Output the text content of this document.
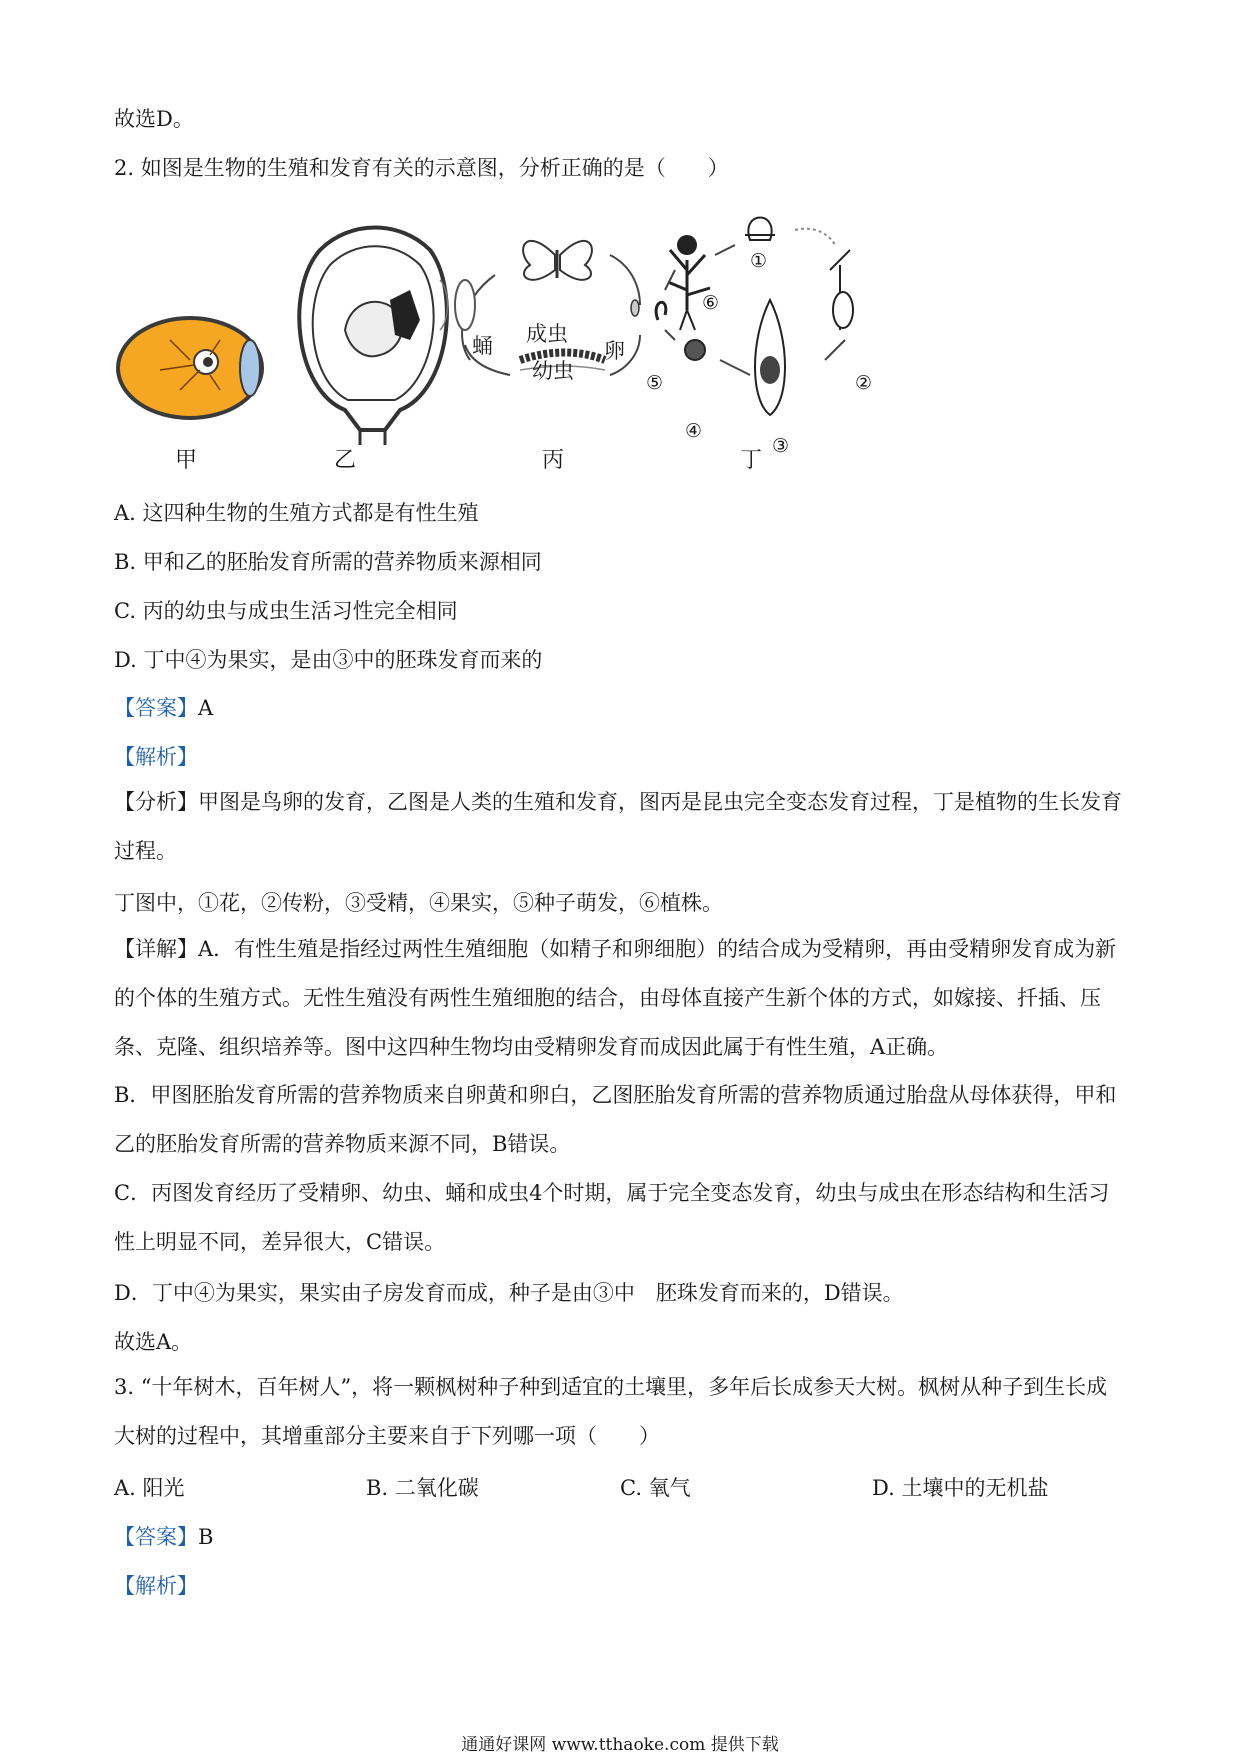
故选D。
2. 如图是生物的生殖和发育有关的示意图，分析正确的是（　　）
甲	乙	丙	丁
蛹 成虫
卵
幼虫
①
②
③
④
⑤
⑥
A. 这四种生物的生殖方式都是有性生殖
B. 甲和乙的胚胎发育所需的营养物质来源相同
C. 丙的幼虫与成虫生活习性完全相同
D. 丁中④为果实，是由③中的胚珠发育而来的
【答案】A
【解析】
【分析】甲图是鸟卵的发育，乙图是人类的生殖和发育，图丙是昆虫完全变态发育过程，丁是植物的生长发育过程。
丁图中，①花，②传粉，③受精，④果实，⑤种子萌发，⑥植株。
【详解】A．有性生殖是指经过两性生殖细胞（如精子和卵细胞）的结合成为受精卵，再由受精卵发育成为新的个体的生殖方式。无性生殖没有两性生殖细胞的结合，由母体直接产生新个体的方式，如嫁接、扦插、压条、克隆、组织培养等。图中这四种生物均由受精卵发育而成因此属于有性生殖，A正确。
B．甲图胚胎发育所需的营养物质来自卵黄和卵白，乙图胚胎发育所需的营养物质通过胎盘从母体获得，甲和乙的胚胎发育所需的营养物质来源不同，B错误。
C．丙图发育经历了受精卵、幼虫、蛹和成虫4个时期，属于完全变态发育，幼虫与成虫在形态结构和生活习性上明显不同，差异很大，C错误。
D．丁中④为果实，果实由子房发育而成，种子是由③中　胚珠发育而来的，D错误。
故选A。
3. “十年树木，百年树人”，将一颗枫树种子种到适宜的土壤里，多年后长成参天大树。枫树从种子到生长成大树的过程中，其增重部分主要来自于下列哪一项（　　）
A. 阳光	B. 二氧化碳	C. 氧气	D. 土壤中的无机盐
【答案】B
【解析】
通通好课网 www.tthaoke.com 提供下载
